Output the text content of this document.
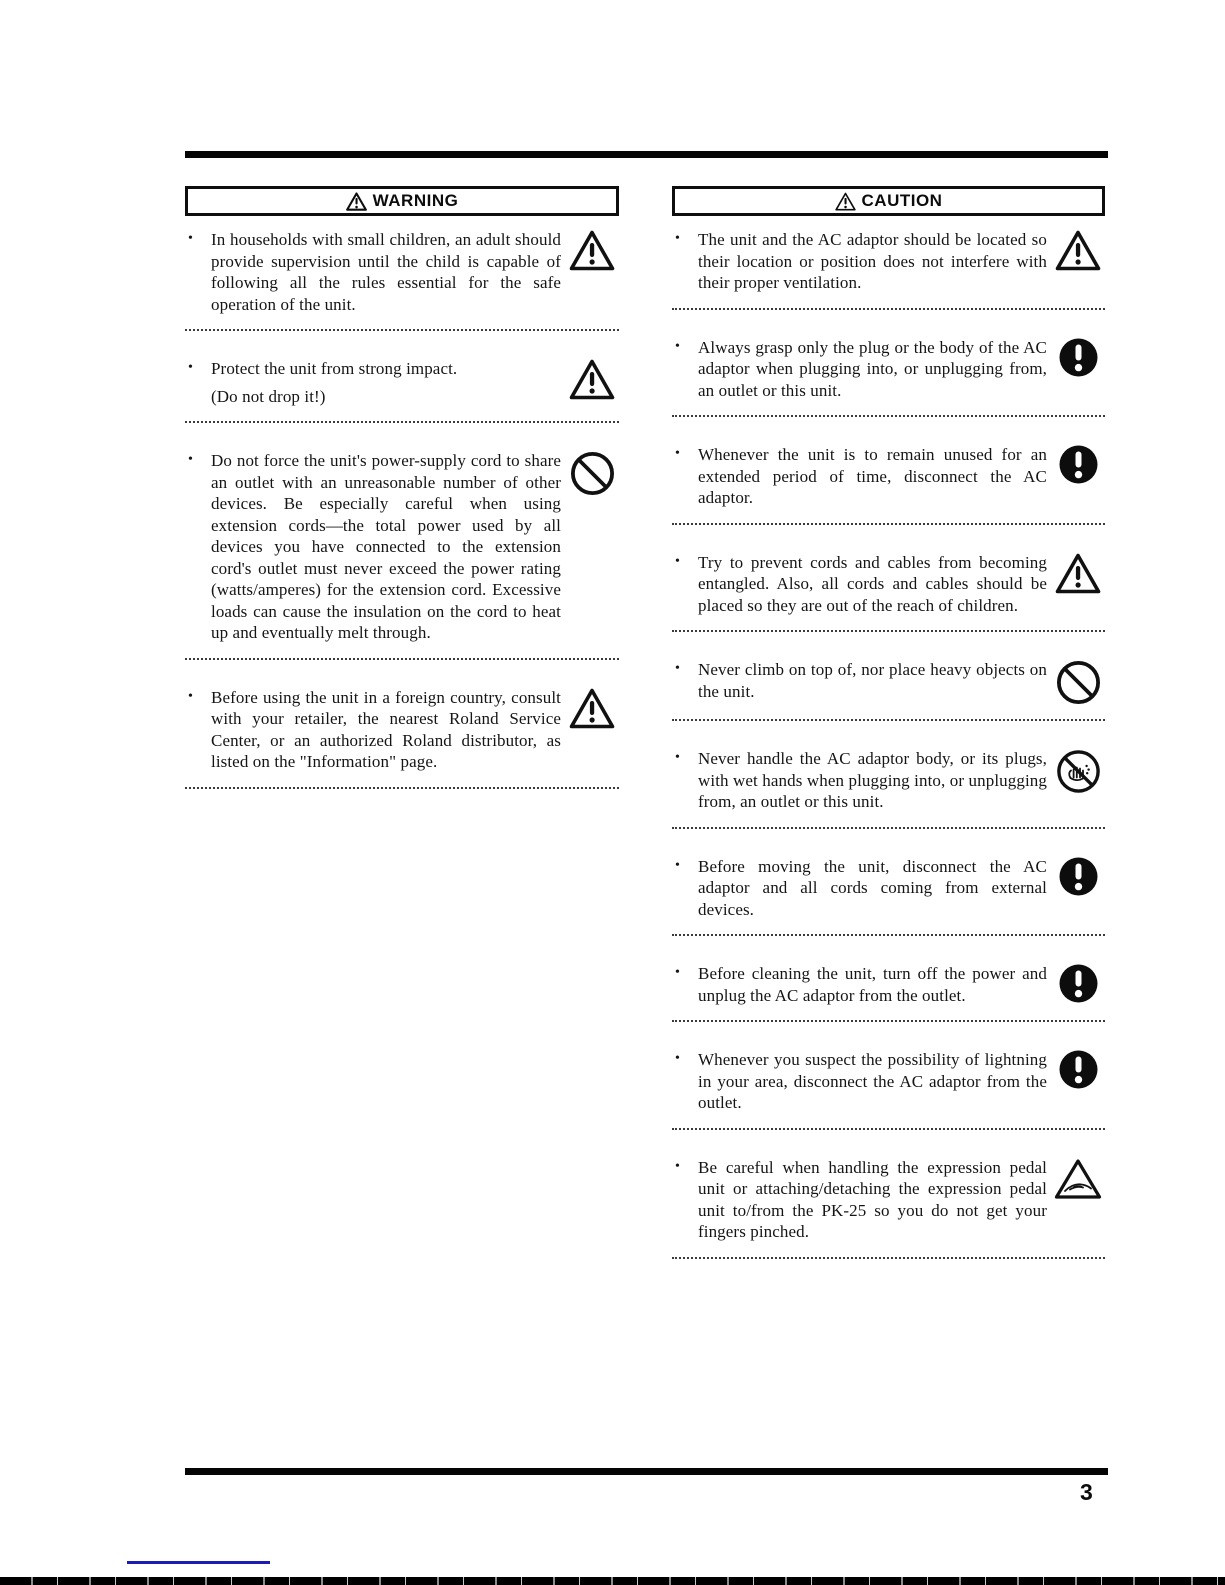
WARNING
•	In households with small children, an adult should provide supervision until the child is capable of following all the rules essential for the safe operation of the unit.

•	Protect the unit from strong impact.

(Do not drop it!)

•	Do not force the unit's power-supply cord to share an outlet with an unreasonable number of other devices. Be especially careful when using extension cords—the total power used by all devices you have connected to the extension cord's outlet must never exceed the power rating (watts/amperes) for the extension cord. Excessive loads can cause the insulation on the cord to heat up and eventually melt through.

•	Before using the unit in a foreign country, consult with your retailer, the nearest Roland Service Center, or an authorized Roland distributor, as listed on the "Information" page.

CAUTION
•	The unit and the AC adaptor should be located so their location or position does not interfere with their proper ventilation.

•	Always grasp only the plug or the body of the AC adaptor when plugging into, or unplugging from, an outlet or this unit.

•	Whenever the unit is to remain unused for an extended period of time, disconnect the AC adaptor.

•	Try to prevent cords and cables from becoming entangled. Also, all cords and cables should be placed so they are out of the reach of children.

•	Never climb on top of, nor place heavy objects on the unit.

•	Never handle the AC adaptor body, or its plugs, with wet hands when plugging into, or unplugging from, an outlet or this unit.

•	Before moving the unit, disconnect the AC adaptor and all cords coming from external devices.

•	Before cleaning the unit, turn off the power and unplug the AC adaptor from the outlet.

•	Whenever you suspect the possibility of lightning in your area, disconnect the AC adaptor from the outlet.

•	Be careful when handling the expression pedal unit or attaching/detaching the expression pedal unit to/from the PK-25 so you do not get your fingers pinched.

3
